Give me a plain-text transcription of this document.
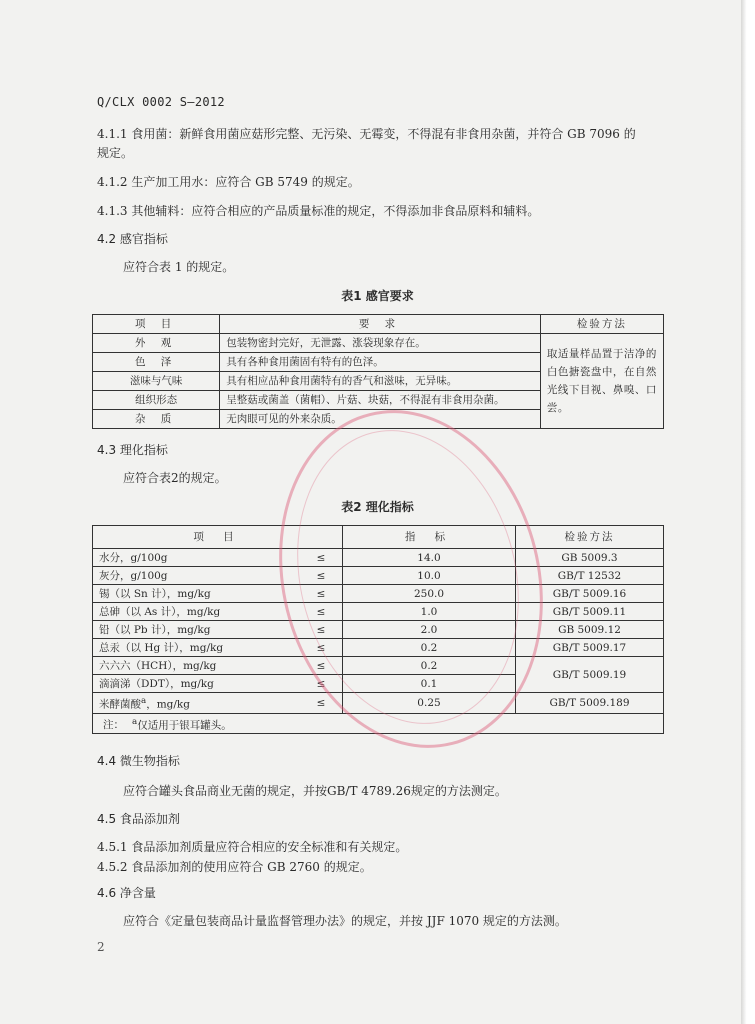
Q/CLX 0002 S—2012
4.1.1 食用菌：新鲜食用菌应菇形完整、无污染、无霉变，不得混有非食用杂菌，并符合 GB 7096 的
规定。
4.1.2 生产加工用水：应符合 GB 5749 的规定。
4.1.3 其他辅料：应符合相应的产品质量标准的规定，不得添加非食品原料和辅料。
4.2 感官指标
应符合表 1 的规定。
表1 感官要求
项 目	要 求	检验方法
外 观	包装物密封完好，无泄露、涨袋现象存在。	取适量样品置于洁净的白色搪瓷盘中，在自然光线下目视、鼻嗅、口尝。
色 泽	具有各种食用菌固有特有的色泽。	
滋味与气味	具有相应品种食用菌特有的香气和滋味，无异味。	
组织形态	呈整菇或菌盖（菌帽）、片菇、块菇，不得混有非食用杂菌。	
杂 质	无肉眼可见的外来杂质。	
4.3 理化指标
应符合表2的规定。
表2 理化指标
项 目		指 标	检验方法
水分，g/100g	≤	14.0	GB 5009.3
灰分，g/100g	≤	10.0	GB/T 12532
锡（以 Sn 计），mg/kg	≤	250.0	GB/T 5009.16
总砷（以 As 计），mg/kg	≤	1.0	GB/T 5009.11
铅（以 Pb 计），mg/kg	≤	2.0	GB 5009.12
总汞（以 Hg 计），mg/kg	≤	0.2	GB/T 5009.17
六六六（HCH），mg/kg	≤	0.2	GB/T 5009.19
滴滴涕（DDT），mg/kg	≤	0.1	
米酵菌酸$^a$，mg/kg	≤	0.25	GB/T 5009.189
注： $^a$仅适用于银耳罐头。			
4.4 微生物指标
应符合罐头食品商业无菌的规定，并按GB/T 4789.26规定的方法测定。
4.5 食品添加剂
4.5.1 食品添加剂质量应符合相应的安全标准和有关规定。
4.5.2 食品添加剂的使用应符合 GB 2760 的规定。
4.6 净含量
应符合《定量包装商品计量监督管理办法》的规定，并按 JJF 1070 规定的方法测。
2
